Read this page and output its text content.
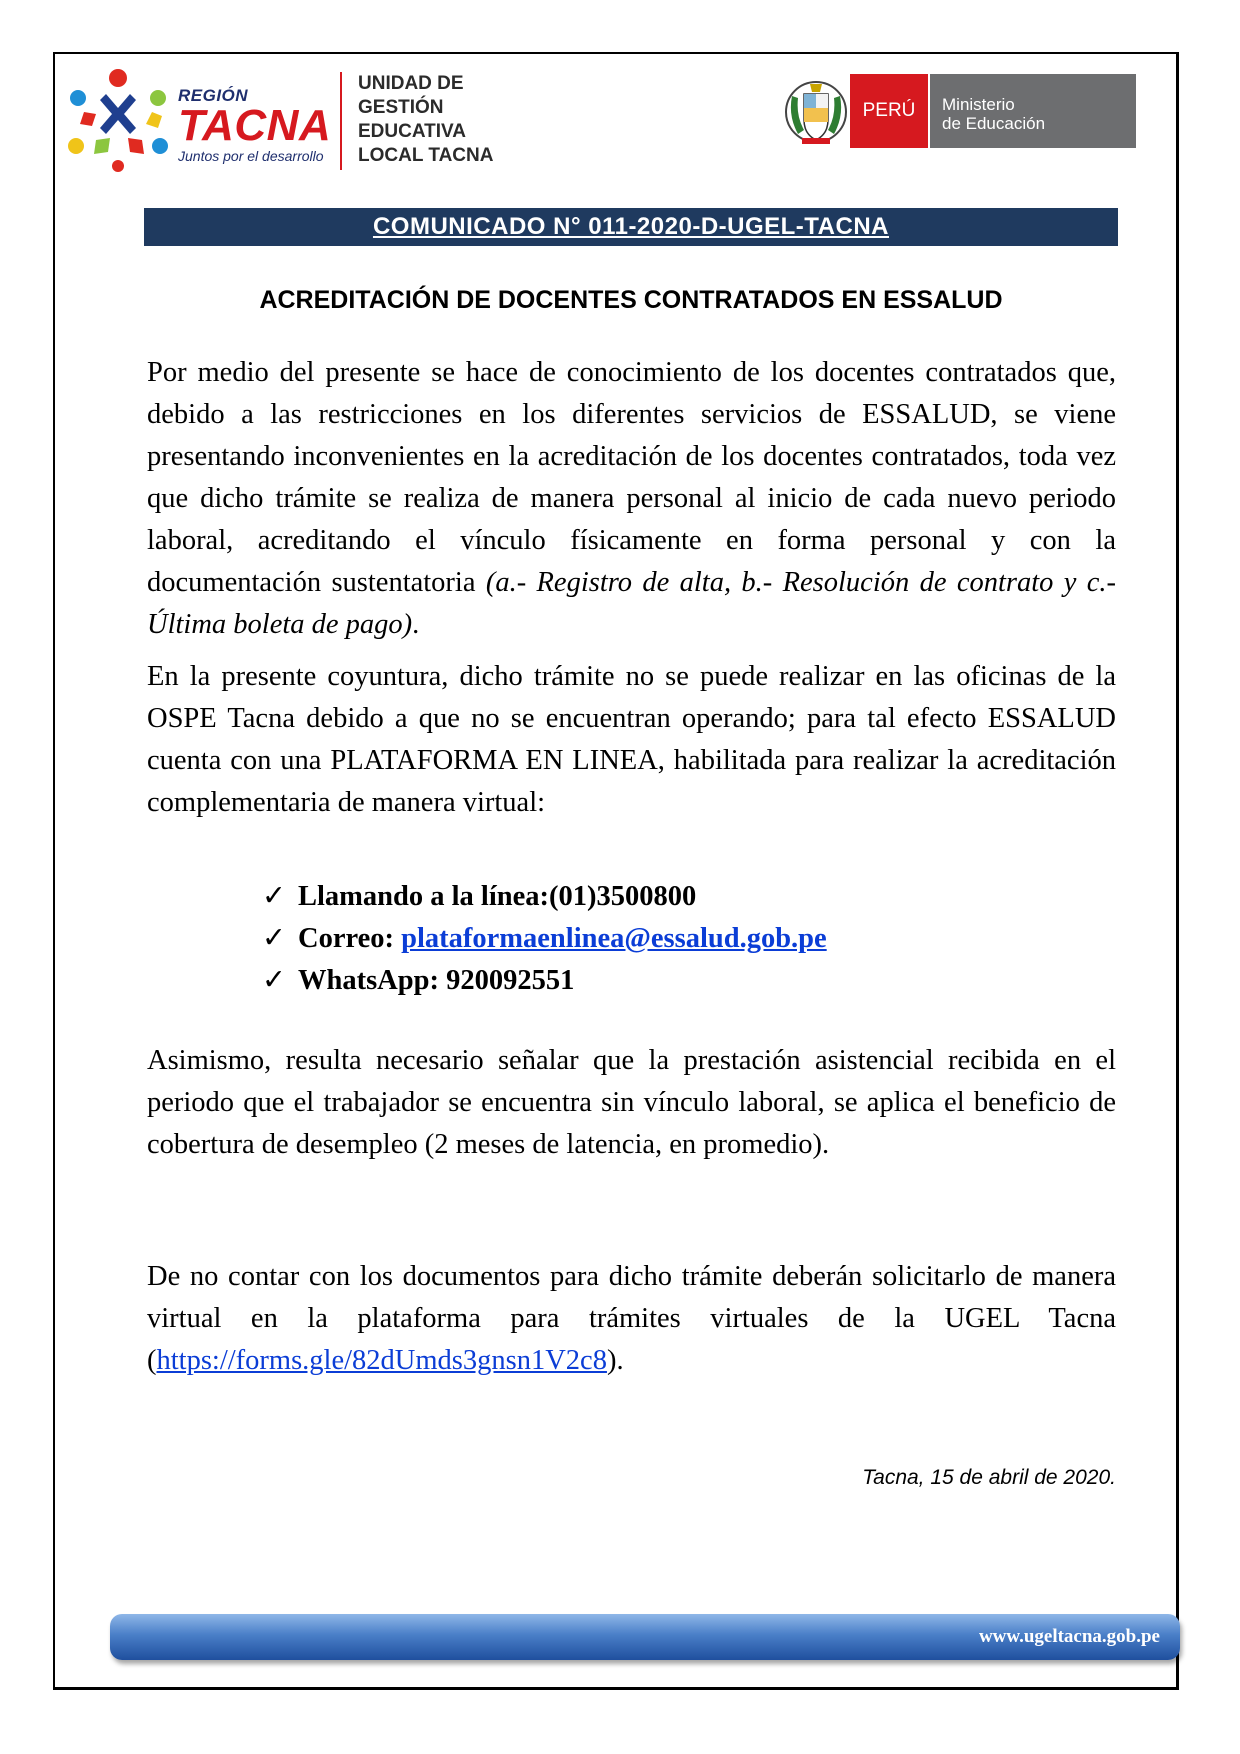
REGIÓN
TACNA
Juntos por el desarrollo
UNIDAD DE
GESTIÓN
EDUCATIVA
LOCAL TACNA
PERÚ	Ministerio
de Educación
COMUNICADO N° 011-2020-D-UGEL-TACNA
ACREDITACIÓN DE DOCENTES CONTRATADOS EN ESSALUD

Por medio del presente se hace de conocimiento de los docentes contratados que, debido a las restricciones en los diferentes servicios de ESSALUD, se viene presentando inconvenientes en la acreditación de los docentes contratados, toda vez que dicho trámite se realiza de manera personal al inicio de cada nuevo periodo laboral, acreditando el vínculo físicamente en forma personal y con la documentación sustentatoria (a.- Registro de alta, b.- Resolución de contrato y c.- Última boleta de pago).

En la presente coyuntura, dicho trámite no se puede realizar en las oficinas de la OSPE Tacna debido a que no se encuentran operando; para tal efecto ESSALUD cuenta con una PLATAFORMA EN LINEA, habilitada para realizar la acreditación complementaria de manera virtual:

✓ Llamando a la línea:(01)3500800
✓ Correo: plataformaenlinea@essalud.gob.pe
✓ WhatsApp: 920092551

Asimismo, resulta necesario señalar que la prestación asistencial recibida en el periodo que el trabajador se encuentra sin vínculo laboral, se aplica el beneficio de cobertura de desempleo (2 meses de latencia, en promedio).

De no contar con los documentos para dicho trámite deberán solicitarlo de manera virtual en la plataforma para trámites virtuales de la UGEL Tacna (https://forms.gle/82dUmds3gnsn1V2c8).

Tacna, 15 de abril de 2020.
www.ugeltacna.gob.pe
